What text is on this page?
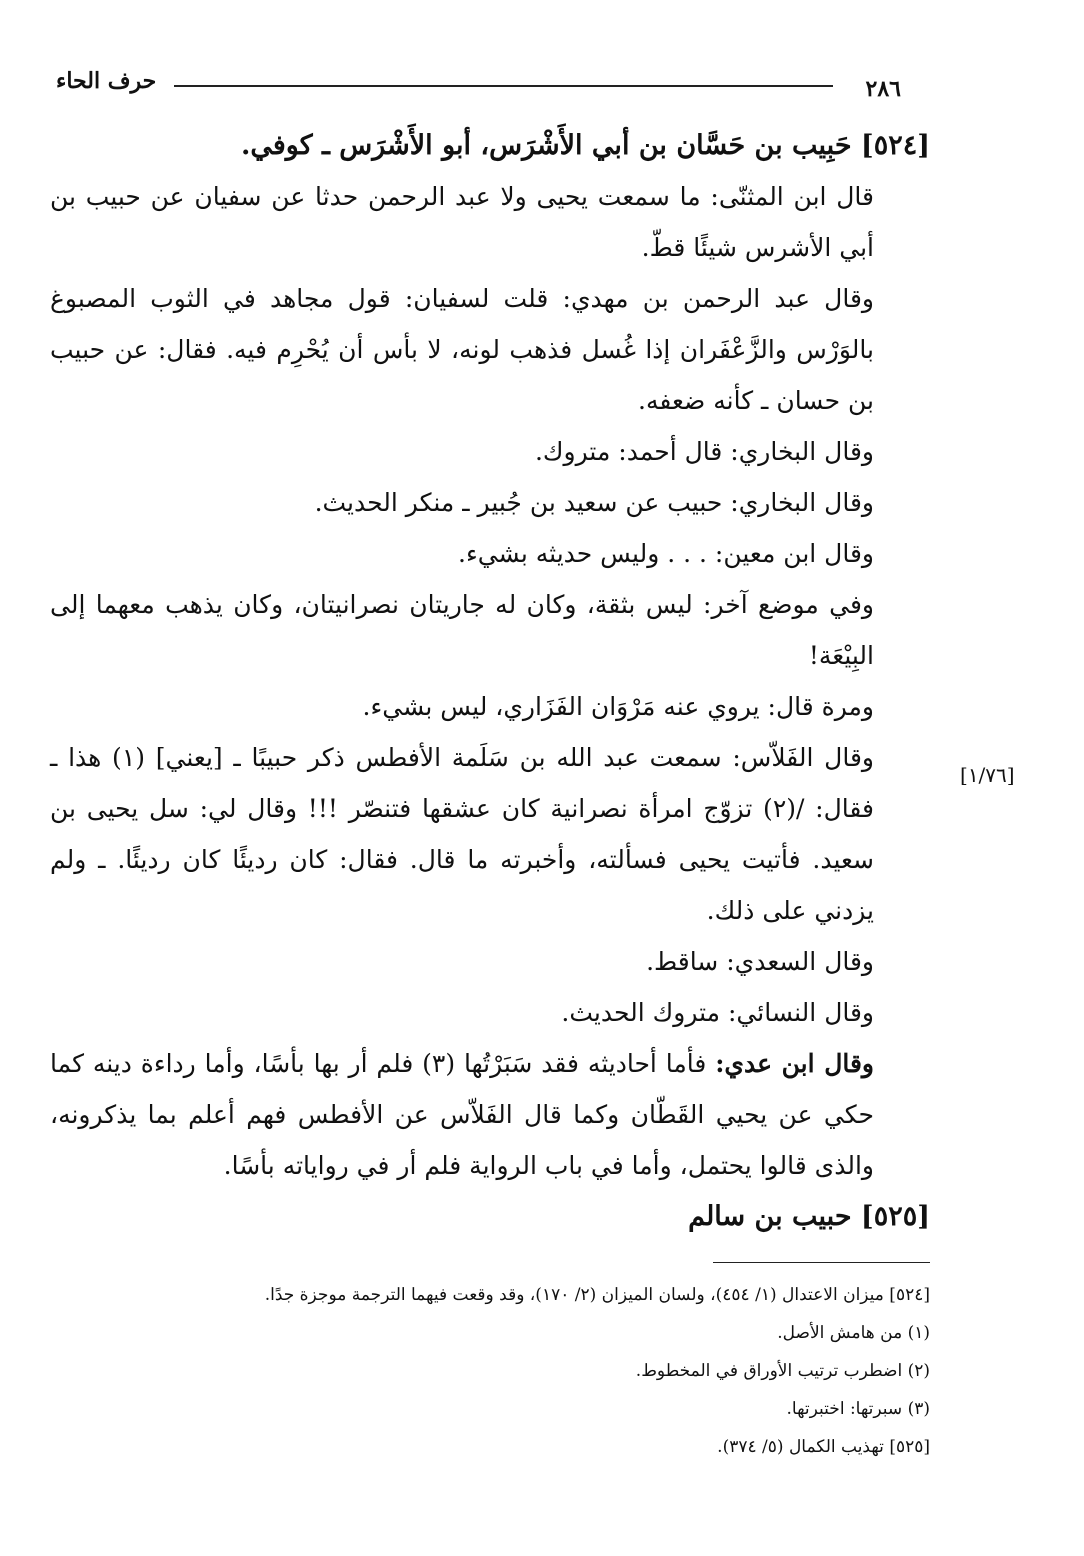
حرف الحاء	٢٨٦
[١/٧٦]

[٥٢٤] حَبِيب بن حَسَّان بن أبي الأَشْرَس، أبو الأَشْرَس ـ كوفي.

قال ابن المثنّى: ما سمعت يحيى ولا عبد الرحمن حدثا عن سفيان عن حبيب بن أبي الأشرس شيئًا قطّ.

وقال عبد الرحمن بن مهدي: قلت لسفيان: قول مجاهد في الثوب المصبوغ بالوَرْس والزَّعْفَران إذا غُسل فذهب لونه، لا بأس أن يُحْرِم فيه. فقال: عن حبيب بن حسان ـ كأنه ضعفه.

وقال البخاري: قال أحمد: متروك.

وقال البخاري: حبيب عن سعيد بن جُبير ـ منكر الحديث.

وقال ابن معين: . . . وليس حديثه بشيء.

وفي موضع آخر: ليس بثقة، وكان له جاريتان نصرانيتان، وكان يذهب معهما إلى البِيْعَة!

ومرة قال: يروي عنه مَرْوَان الفَزَاري، ليس بشيء.

وقال الفَلاّس: سمعت عبد الله بن سَلَمة الأفطس ذكر حبيبًا ـ [يعني] (١) هذا ـ فقال: /(٢) تزوّج امرأة نصرانية كان عشقها فتنصّر !!! وقال لي: سل يحيى بن سعيد. فأتيت يحيى فسألته، وأخبرته ما قال. فقال: كان رديئًا كان رديئًا. ـ ولم يزدني على ذلك.

وقال السعدي: ساقط.

وقال النسائي: متروك الحديث.

وقال ابن عدي: فأما أحاديثه فقد سَبَرْتُها (٣) فلم أر بها بأسًا، وأما رداءة دينه كما حكي عن يحيي القَطّان وكما قال الفَلاّس عن الأفطس فهم أعلم بما يذكرونه، والذى قالوا يحتمل، وأما في باب الرواية فلم أر في رواياته بأسًا.

[٥٢٥] حبيب بن سالم

[٥٢٤] ميزان الاعتدال (١/ ٤٥٤)، ولسان الميزان (٢/ ١٧٠)، وقد وقعت فيهما الترجمة موجزة جدًا.

(١) من هامش الأصل.

(٢) اضطرب ترتيب الأوراق في المخطوط.

(٣) سبرتها: اختبرتها.

[٥٢٥] تهذيب الكمال (٥/ ٣٧٤).
